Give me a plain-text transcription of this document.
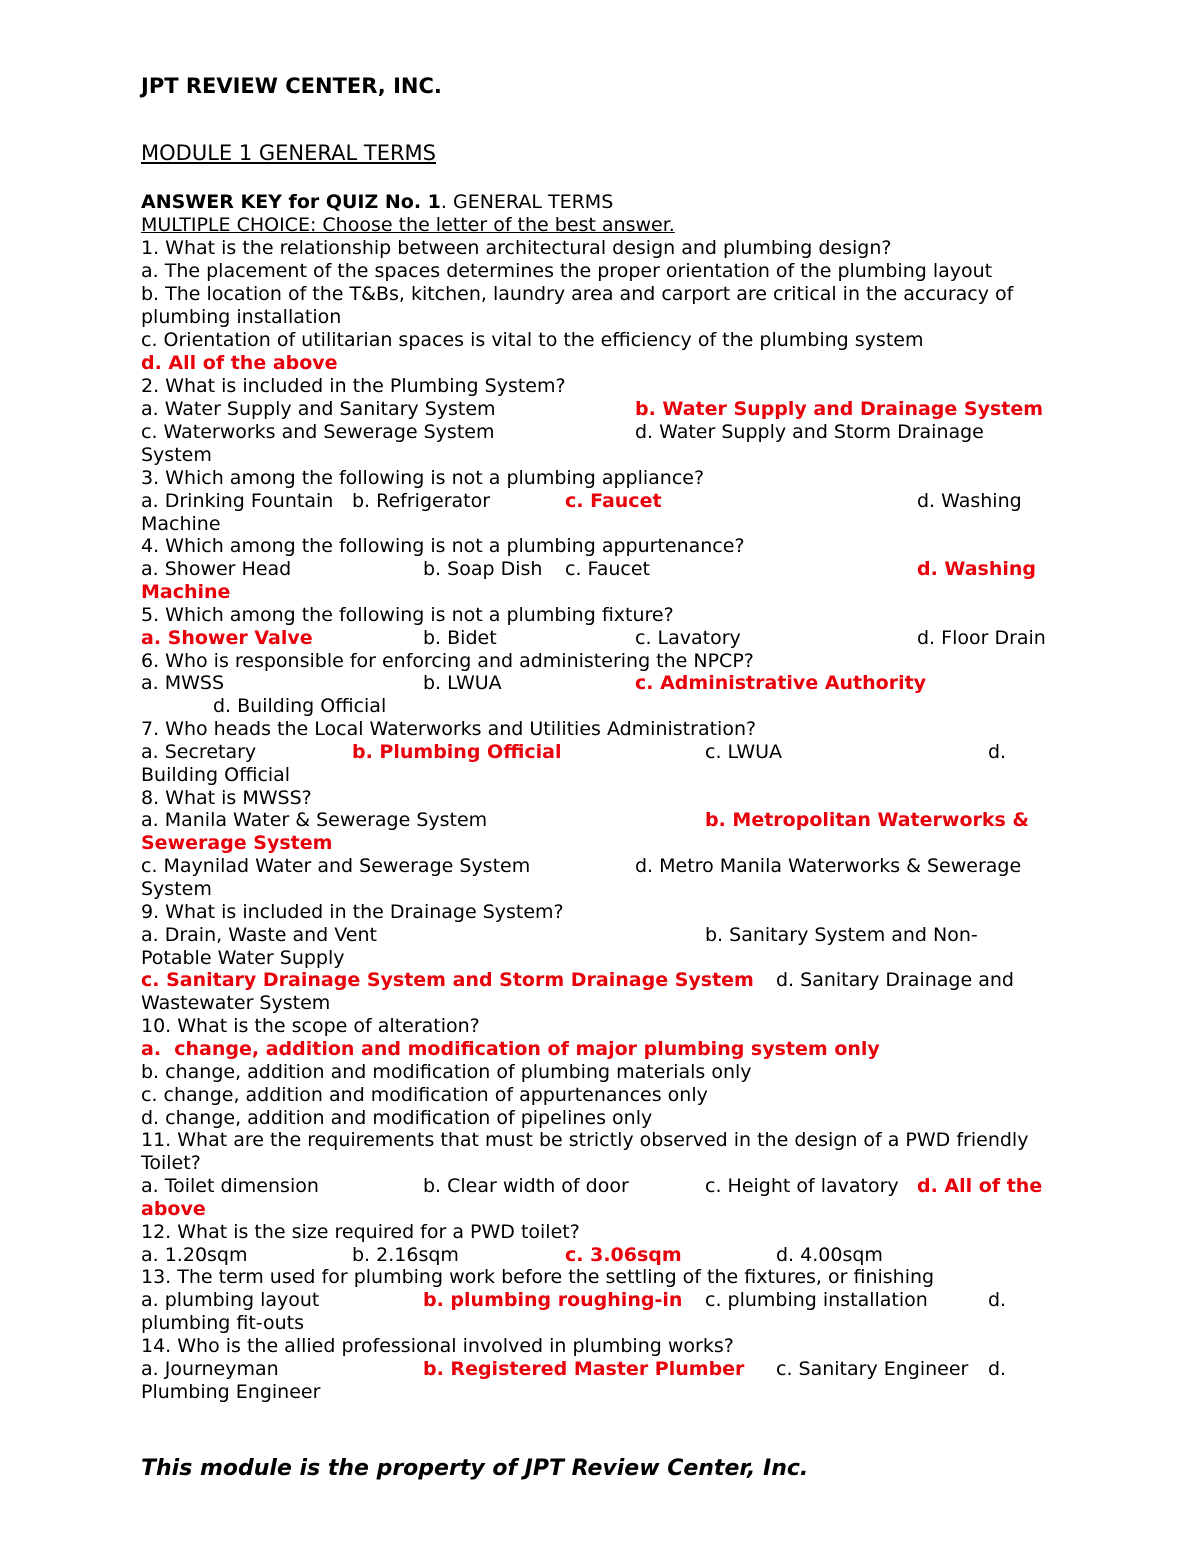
JPT REVIEW CENTER, INC.
MODULE 1 GENERAL TERMS
ANSWER KEY for QUIZ No. 1. GENERAL TERMS
MULTIPLE CHOICE: Choose the letter of the best answer.
1. What is the relationship between architectural design and plumbing design?
a. The placement of the spaces determines the proper orientation of the plumbing layout
b. The location of the T&Bs, kitchen, laundry area and carport are critical in the accuracy of
plumbing installation
c. Orientation of utilitarian spaces is vital to the efficiency of the plumbing system
d. All of the above
2. What is included in the Plumbing System?
a. Water Supply and Sanitary System	b. Water Supply and Drainage System
c. Waterworks and Sewerage System	d. Water Supply and Storm Drainage
System
3. Which among the following is not a plumbing appliance?
a. Drinking Fountain b. Refrigerator	c. Faucet	d. Washing
Machine
4. Which among the following is not a plumbing appurtenance?
a. Shower Head	b. Soap Dish c. Faucet	d. Washing
Machine
5. Which among the following is not a plumbing fixture?
a. Shower Valve	b. Bidet	c. Lavatory	d. Floor Drain
6. Who is responsible for enforcing and administering the NPCP?
a. MWSS	b. LWUA	c. Administrative Authority
d. Building Official
7. Who heads the Local Waterworks and Utilities Administration?
a. Secretary	b. Plumbing Official	c. LWUA	d.
Building Official
8. What is MWSS?
a. Manila Water & Sewerage System	b. Metropolitan Waterworks &
Sewerage System
c. Maynilad Water and Sewerage System	d. Metro Manila Waterworks & Sewerage
System
9. What is included in the Drainage System?
a. Drain, Waste and Vent	b. Sanitary System and Non-
Potable Water Supply
c. Sanitary Drainage System and Storm Drainage System d. Sanitary Drainage and
Wastewater System
10. What is the scope of alteration?
a.  change, addition and modification of major plumbing system only
b. change, addition and modification of plumbing materials only
c. change, addition and modification of appurtenances only
d. change, addition and modification of pipelines only
11. What are the requirements that must be strictly observed in the design of a PWD friendly
Toilet?
a. Toilet dimension	b. Clear width of door	c. Height of lavatory d. All of the
above
12. What is the size required for a PWD toilet?
a. 1.20sqm	b. 2.16sqm	c. 3.06sqm	d. 4.00sqm
13. The term used for plumbing work before the settling of the fixtures, or finishing
a. plumbing layout	b. plumbing roughing-in c. plumbing installation	d.
plumbing fit-outs
14. Who is the allied professional involved in plumbing works?
a. Journeyman	b. Registered Master Plumber c. Sanitary Engineer d.
Plumbing Engineer
This module is the property of JPT Review Center, Inc.
